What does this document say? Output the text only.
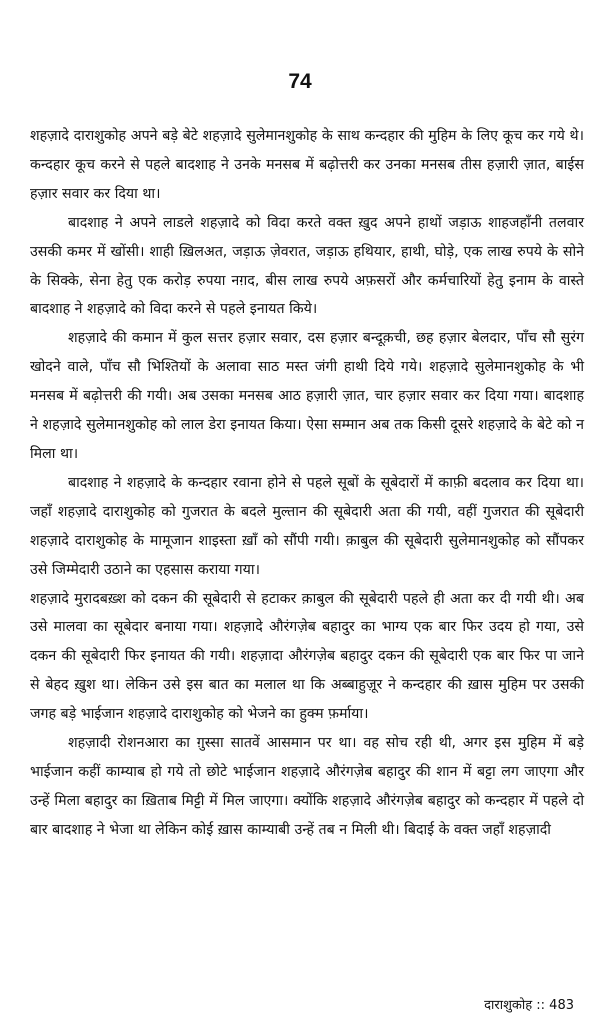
74

शहज़ादे दाराशुकोह अपने बड़े बेटे शहज़ादे सुलेमानशुकोह के साथ कन्दहार की मुहिम के लिए कूच कर गये थे। कन्दहार कूच करने से पहले बादशाह ने उनके मनसब में बढ़ोत्तरी कर उनका मनसब तीस हज़ारी ज़ात, बाईस हज़ार सवार कर दिया था।

बादशाह ने अपने लाडले शहज़ादे को विदा करते वक्त ख़ुद अपने हाथों जड़ाऊ शाहजहाँनी तलवार उसकी कमर में खोंसी। शाही ख़िलअत, जड़ाऊ ज़ेवरात, जड़ाऊ हथियार, हाथी, घोड़े, एक लाख रुपये के सोने के सिक्के, सेना हेतु एक करोड़ रुपया नग़द, बीस लाख रुपये अफ़सरों और कर्मचारियों हेतु इनाम के वास्ते बादशाह ने शहज़ादे को विदा करने से पहले इनायत किये।

शहज़ादे की कमान में कुल सत्तर हज़ार सवार, दस हज़ार बन्दूक़ची, छह हज़ार बेलदार, पाँच सौ सुरंग खोदने वाले, पाँच सौ भिश्तियों के अलावा साठ मस्त जंगी हाथी दिये गये। शहज़ादे सुलेमानशुकोह के भी मनसब में बढ़ोत्तरी की गयी। अब उसका मनसब आठ हज़ारी ज़ात, चार हज़ार सवार कर दिया गया। बादशाह ने शहज़ादे सुलेमानशुकोह को लाल डेरा इनायत किया। ऐसा सम्मान अब तक किसी दूसरे शहज़ादे के बेटे को न मिला था।

बादशाह ने शहज़ादे के कन्दहार रवाना होने से पहले सूबों के सूबेदारों में काफ़ी बदलाव कर दिया था। जहाँ शहज़ादे दाराशुकोह को गुजरात के बदले मुल्तान की सूबेदारी अता की गयी, वहीं गुजरात की सूबेदारी शहज़ादे दाराशुकोह के मामूजान शाइस्ता ख़ाँ को सौंपी गयी। क़ाबुल की सूबेदारी सुलेमानशुकोह को सौंपकर उसे जिम्मेदारी उठाने का एहसास कराया गया।

शहज़ादे मुरादबख़्श को दकन की सूबेदारी से हटाकर क़ाबुल की सूबेदारी पहले ही अता कर दी गयी थी। अब उसे मालवा का सूबेदार बनाया गया। शहज़ादे औरंगज़ेब बहादुर का भाग्य एक बार फिर उदय हो गया, उसे दकन की सूबेदारी फिर इनायत की गयी। शहज़ादा औरंगज़ेब बहादुर दकन की सूबेदारी एक बार फिर पा जाने से बेहद ख़ुश था। लेकिन उसे इस बात का मलाल था कि अब्बाहुज़ूर ने कन्दहार की ख़ास मुहिम पर उसकी जगह बड़े भाईजान शहज़ादे दाराशुकोह को भेजने का हुक्म फ़र्माया।

शहज़ादी रोशनआरा का ग़ुस्सा सातवें आसमान पर था। वह सोच रही थी, अगर इस मुहिम में बड़े भाईजान कहीं काम्याब हो गये तो छोटे भाईजान शहज़ादे औरंगज़ेब बहादुर की शान में बट्टा लग जाएगा और उन्हें मिला बहादुर का ख़िताब मिट्टी में मिल जाएगा। क्योंकि शहज़ादे औरंगज़ेब बहादुर को कन्दहार में पहले दो बार बादशाह ने भेजा था लेकिन कोई ख़ास काम्याबी उन्हें तब न मिली थी। बिदाई के वक्त जहाँ शहज़ादी

दाराशुकोह :: 483
